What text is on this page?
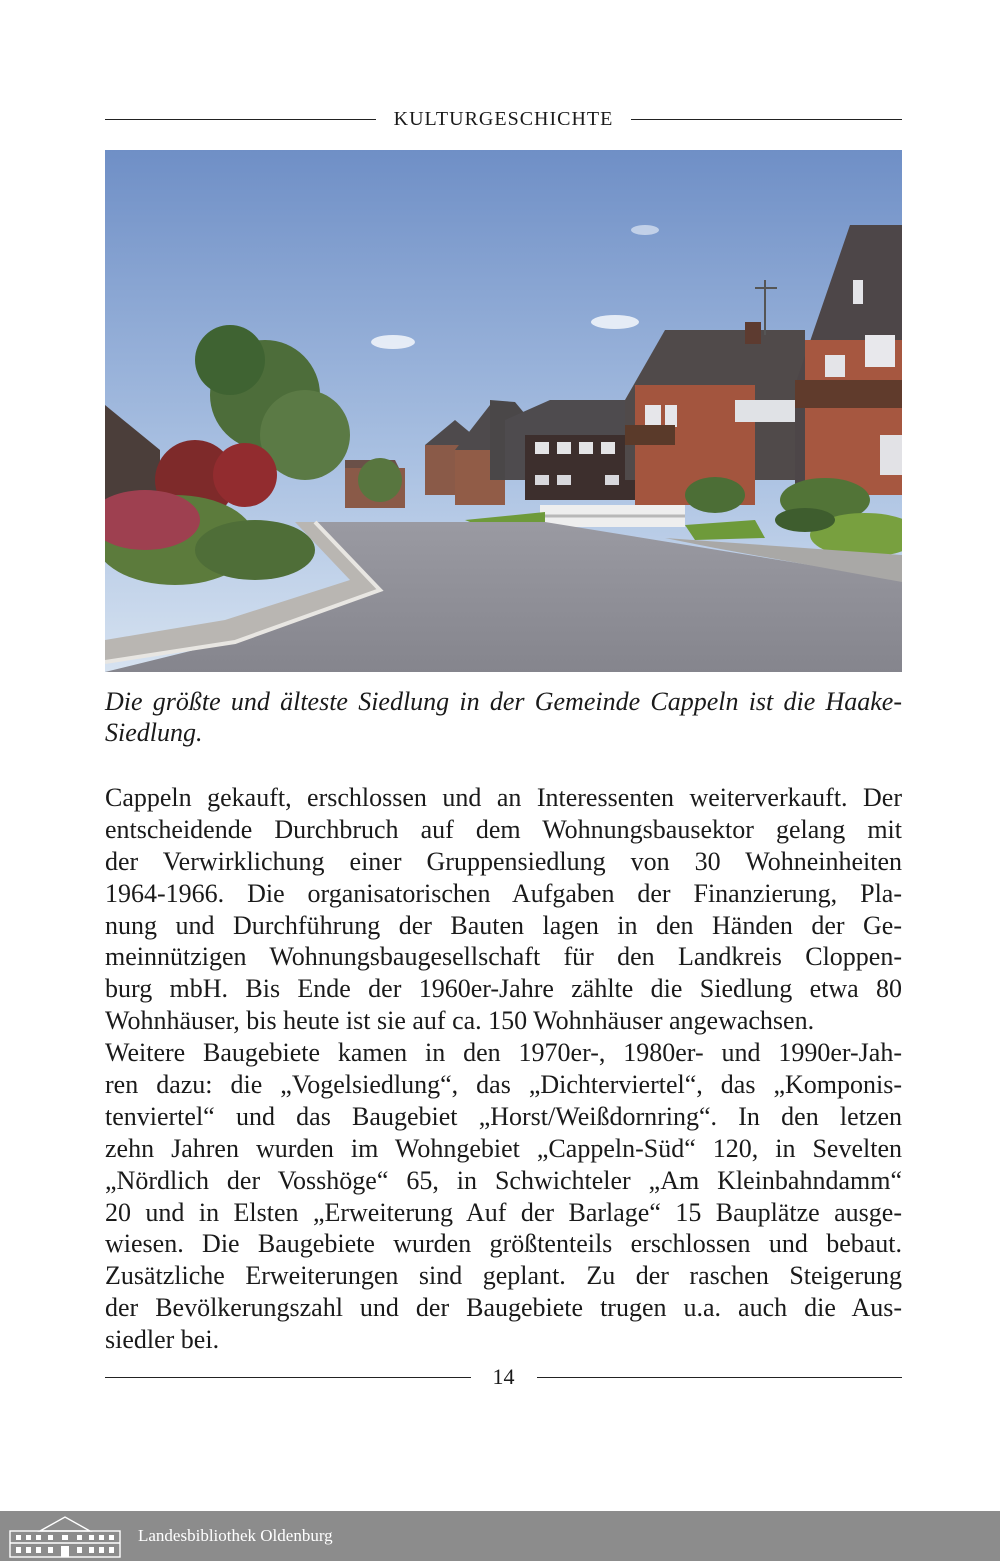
KULTURGESCHICHTE
Die größte und älteste Siedlung in der Gemeinde Cappeln ist die Haake-Siedlung.
Cappeln gekauft, erschlossen und an Interessenten weiterverkauft. Der
entscheidende Durchbruch auf dem Wohnungsbausektor gelang mit
der Verwirklichung einer Gruppensiedlung von 30 Wohneinheiten
1964-1966. Die organisatorischen Aufgaben der Finanzierung, Pla-
nung und Durchführung der Bauten lagen in den Händen der Ge-
meinnützigen Wohnungsbaugesellschaft für den Landkreis Cloppen-
burg mbH. Bis Ende der 1960er-Jahre zählte die Siedlung etwa 80
Wohnhäuser, bis heute ist sie auf ca. 150 Wohnhäuser angewachsen.
Weitere Baugebiete kamen in den 1970er-, 1980er- und 1990er-Jah-
ren dazu: die „Vogelsiedlung“, das „Dichterviertel“, das „Komponis-
tenviertel“ und das Baugebiet „Horst/Weißdornring“. In den letzen
zehn Jahren wurden im Wohngebiet „Cappeln-Süd“ 120, in Sevelten
„Nördlich der Vosshöge“ 65, in Schwichteler „Am Kleinbahndamm“
20 und in Elsten „Erweiterung Auf der Barlage“ 15 Bauplätze ausge-
wiesen. Die Baugebiete wurden größtenteils erschlossen und bebaut.
Zusätzliche Erweiterungen sind geplant. Zu der raschen Steigerung
der Bevölkerungszahl und der Baugebiete trugen u.a. auch die Aus-
siedler bei.
14
Landesbibliothek Oldenburg
